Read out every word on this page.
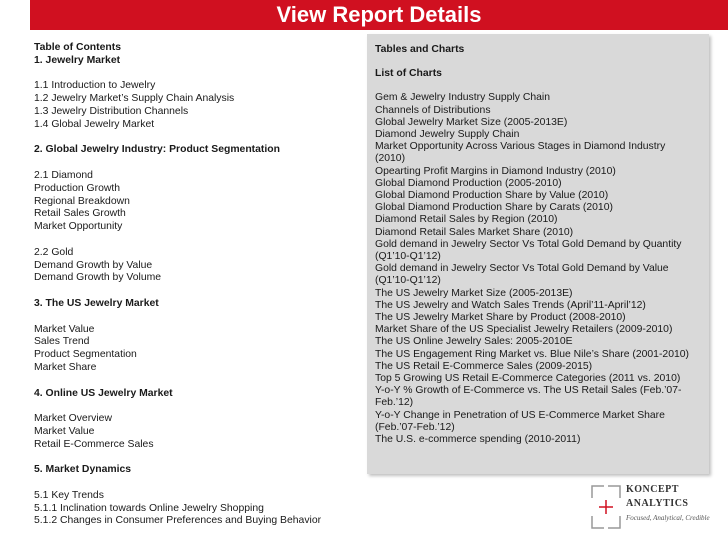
View Report Details
Table of Contents
1. Jewelry Market
1.1 Introduction to Jewelry
1.2 Jewelry Market’s Supply Chain Analysis
1.3 Jewelry Distribution Channels
1.4 Global Jewelry Market
2. Global Jewelry Industry: Product Segmentation
2.1 Diamond
Production Growth
Regional Breakdown
Retail Sales Growth
Market Opportunity
2.2 Gold
Demand Growth by Value
Demand Growth by Volume
3. The US Jewelry Market
Market Value
Sales Trend
Product Segmentation
Market Share
4. Online US Jewelry Market
Market Overview
Market Value
Retail E-Commerce Sales
5. Market Dynamics
5.1 Key Trends
5.1.1 Inclination towards Online Jewelry Shopping
5.1.2 Changes in Consumer Preferences and Buying Behavior
Tables and Charts
List of Charts
Gem & Jewelry Industry Supply Chain
Channels of Distributions
Global Jewelry Market Size (2005-2013E)
Diamond Jewelry Supply Chain
Market Opportunity Across Various Stages in Diamond Industry
(2010)
Opearting Profit Margins in Diamond Industry (2010)
Global Diamond Production (2005-2010)
Global Diamond Production Share by Value (2010)
Global Diamond Production Share by Carats (2010)
Diamond Retail Sales by Region (2010)
Diamond Retail Sales Market Share (2010)
Gold demand in Jewelry Sector Vs Total Gold Demand by Quantity
(Q1’10-Q1’12)
Gold demand in Jewelry Sector Vs Total Gold Demand by Value
(Q1’10-Q1’12)
The US Jewelry Market Size (2005-2013E)
The US Jewelry and Watch Sales Trends (April’11-April’12)
The US Jewelry Market Share by Product (2008-2010)
Market Share of the US Specialist Jewelry Retailers (2009-2010)
The US Online Jewelry Sales: 2005-2010E
The US Engagement Ring Market vs. Blue Nile’s Share (2001-2010)
The US Retail E-Commerce Sales (2009-2015)
Top 5 Growing US Retail E-Commerce Categories (2011 vs. 2010)
Y-o-Y % Growth of E-Commerce vs. The US Retail Sales (Feb.’07-
Feb.’12)
Y-o-Y Change in Penetration of US E-Commerce Market Share
(Feb.’07-Feb.’12)
The U.S. e-commerce spending (2010-2011)
KONCEPT
ANALYTICS
Focused, Analytical, Credible
